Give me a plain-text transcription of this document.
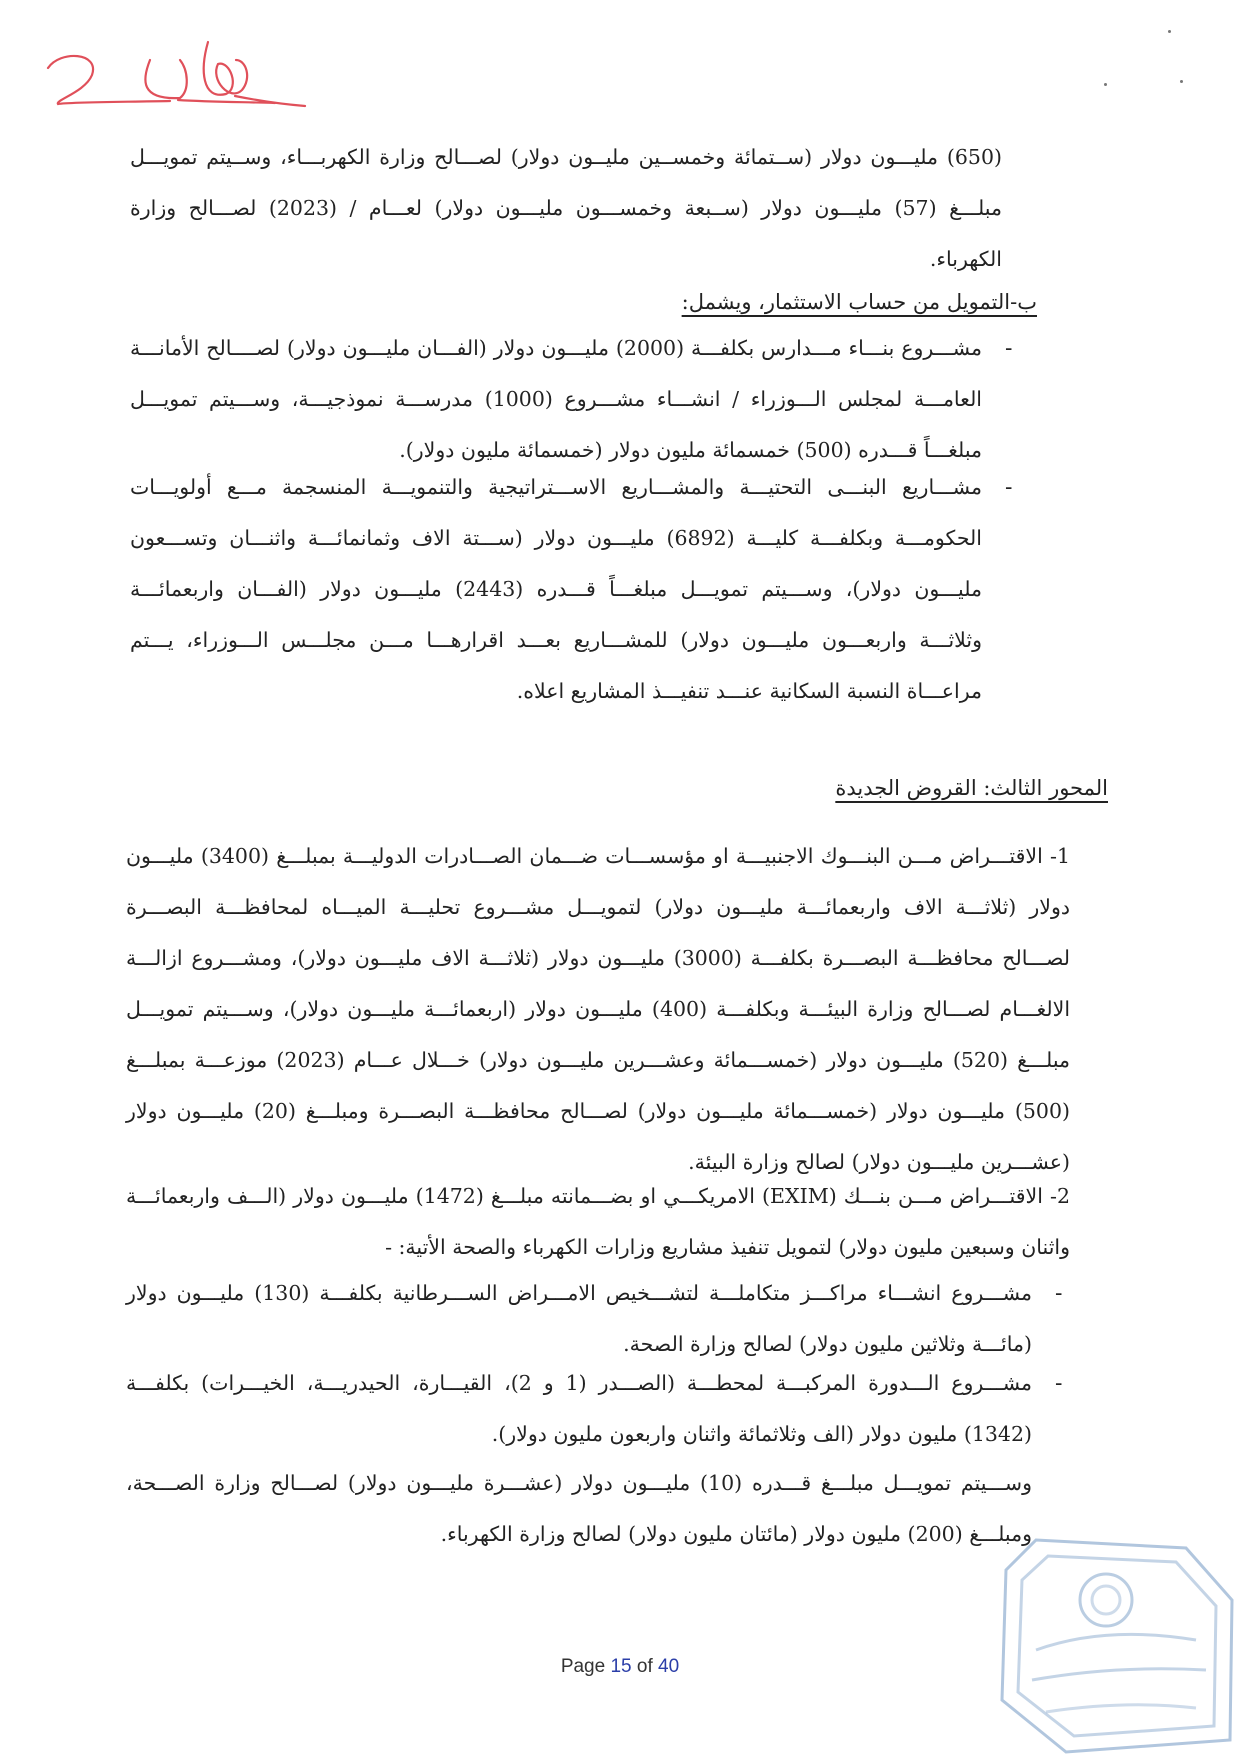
(650) مليـــون دولار (ســتمائة وخمســين مليــون دولار) لصـــالح وزارة الكهربـــاء، وســيتم تمويـــل مبلـــغ (57) مليـــون دولار (ســبعة وخمســـون مليـــون دولار) لعـــام / (2023) لصـــالح وزارة الكهرباء.

ب-التمويل من حساب الاستثمار، ويشمل:
-

مشـــروع بنـــاء مـــدارس بكلفـــة (2000) مليـــون دولار (الفـــان مليـــون دولار) لصــــالح الأمانـــة العامـــة لمجلس الـــوزراء / انشـــاء مشـــروع (1000) مدرســـة نموذجيـــة، وســـيتم تمويـــل مبلغـــاً قـــدره (500) خمسمائة مليون دولار (خمسمائة مليون دولار).

-

مشـــاريع البنـــى التحتيـــة والمشـــاريع الاســـتراتيجية والتنمويـــة المنسجمة مـــع أولويـــات الحكومـــة وبكلفـــة كليـــة (6892) مليـــون دولار (ســـتة الاف وثمانمائـــة واثنـــان وتســـعون مليـــون دولار)، وســـيتم تمويـــل مبلغـــاً قـــدره (2443) مليـــون دولار (الفـــان واربعمائـــة وثلاثـــة واربعـــون مليـــون دولار) للمشـــاريع بعـــد اقرارهـــا مـــن مجلـــس الـــوزراء، يـــتم مراعـــاة النسبة السكانية عنـــد تنفيـــذ المشاريع اعلاه.

المحور الثالث: القروض الجديدة

1- الاقتـــراض مـــن البنـــوك الاجنبيـــة او مؤسســـات ضـــمان الصـــادرات الدوليـــة بمبلـــغ (3400) مليـــون دولار (ثلاثـــة الاف واربعمائـــة مليـــون دولار) لتمويـــل مشـــروع تحليـــة الميـــاه لمحافظـــة البصـــرة لصـــالح محافظـــة البصـــرة بكلفـــة (3000) مليـــون دولار (ثلاثـــة الاف مليـــون دولار)، ومشـــروع ازالـــة الالغـــام لصـــالح وزارة البيئـــة وبكلفـــة (400) مليـــون دولار (اربعمائـــة مليـــون دولار)، وســـيتم تمويـــل مبلـــغ (520) مليـــون دولار (خمســـمائة وعشـــرين مليـــون دولار) خـــلال عـــام (2023) موزعـــة بمبلـــغ (500) مليـــون دولار (خمســـمائة مليـــون دولار) لصـــالح محافظـــة البصـــرة ومبلـــغ (20) مليـــون دولار (عشـــرين مليـــون دولار) لصالح وزارة البيئة.

2- الاقتـــراض مـــن بنـــك (EXIM) الامريكـــي او بضـــمانته مبلـــغ (1472) مليـــون دولار (الـــف واربعمائـــة واثنان وسبعين مليون دولار) لتمويل تنفيذ مشاريع وزارات الكهرباء والصحة الأتية: -

-

مشـــروع انشـــاء مراكـــز متكاملـــة لتشـــخيص الامـــراض الســـرطانية بكلفـــة (130) مليـــون دولار (مائـــة وثلاثين مليون دولار) لصالح وزارة الصحة.

-

مشـــروع الـــدورة المركبـــة لمحطـــة (الصـــدر (1 و 2)، القيـــارة، الحيدريـــة، الخيـــرات) بكلفـــة (1342) مليون دولار (الف وثلاثمائة واثنان واربعون مليون دولار).

وســـيتم تمويـــل مبلـــغ قـــدره (10) مليـــون دولار (عشـــرة مليـــون دولار) لصـــالح وزارة الصـــحة، ومبلـــغ (200) مليون دولار (مائتان مليون دولار) لصالح وزارة الكهرباء.

Page 15 of 40
